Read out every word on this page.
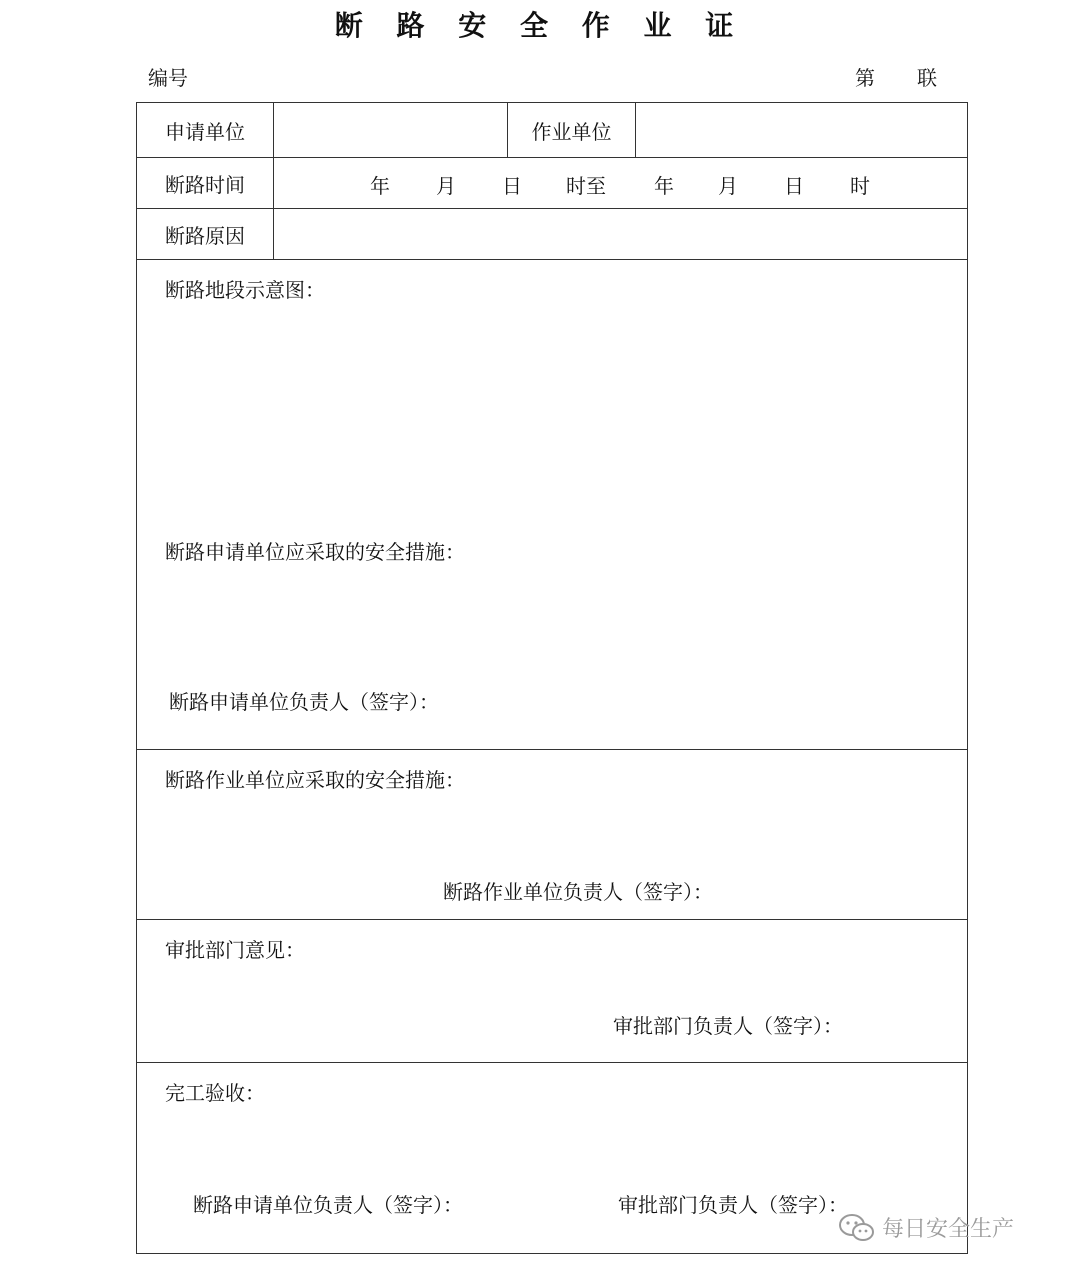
断 路 安 全 作 业 证
编号	第 联
申请单位	作业单位
断路时间	年 月 日 时至 年 月 日 时
断路原因
断路地段示意图：
断路申请单位应采取的安全措施：
断路申请单位负责人（签字）：
断路作业单位应采取的安全措施：
断路作业单位负责人（签字）：
审批部门意见：
审批部门负责人（签字）：
完工验收：
断路申请单位负责人（签字）：	审批部门负责人（签字）：
每日安全生产
